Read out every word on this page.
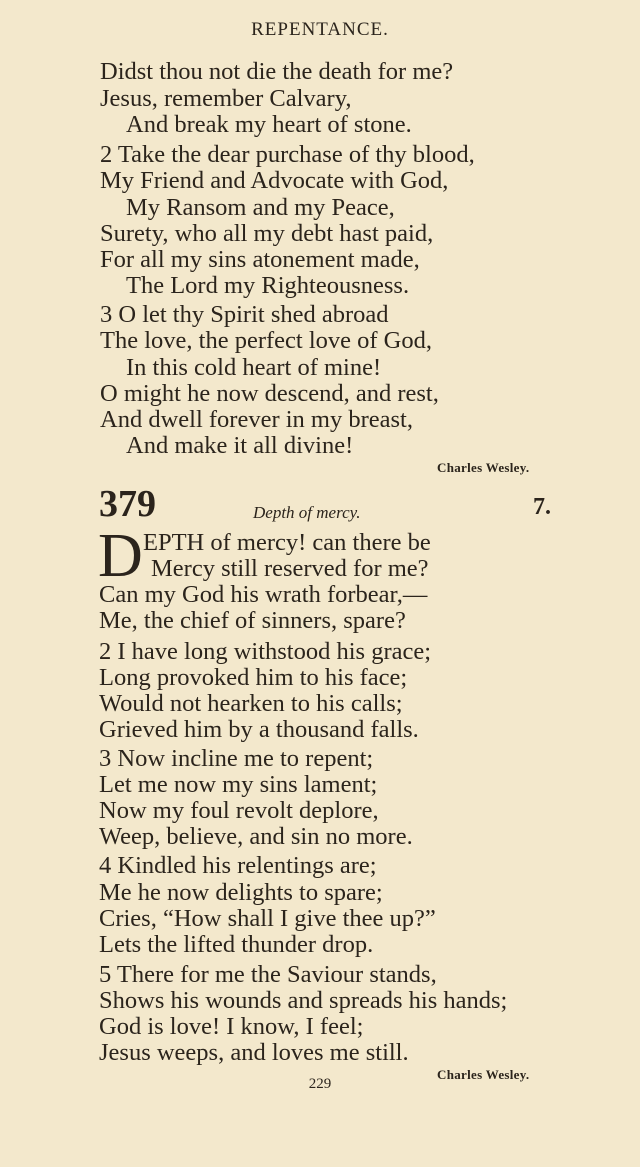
REPENTANCE.
Didst thou not die the death for me?
Jesus, remember Calvary,
And break my heart of stone.
2 Take the dear purchase of thy blood,
My Friend and Advocate with God,
My Ransom and my Peace,
Surety, who all my debt hast paid,
For all my sins atonement made,
The Lord my Righteousness.
3 O let thy Spirit shed abroad
The love, the perfect love of God,
In this cold heart of mine!
O might he now descend, and rest,
And dwell forever in my breast,
And make it all divine!
Charles Wesley.
379	Depth of mercy.	7.
D EPTH of mercy! can there be
Mercy still reserved for me?
Can my God his wrath forbear,—
Me, the chief of sinners, spare?
2 I have long withstood his grace;
Long provoked him to his face;
Would not hearken to his calls;
Grieved him by a thousand falls.
3 Now incline me to repent;
Let me now my sins lament;
Now my foul revolt deplore,
Weep, believe, and sin no more.
4 Kindled his relentings are;
Me he now delights to spare;
Cries, “How shall I give thee up?”
Lets the lifted thunder drop.
5 There for me the Saviour stands,
Shows his wounds and spreads his hands;
God is love! I know, I feel;
Jesus weeps, and loves me still.
Charles Wesley.
229
